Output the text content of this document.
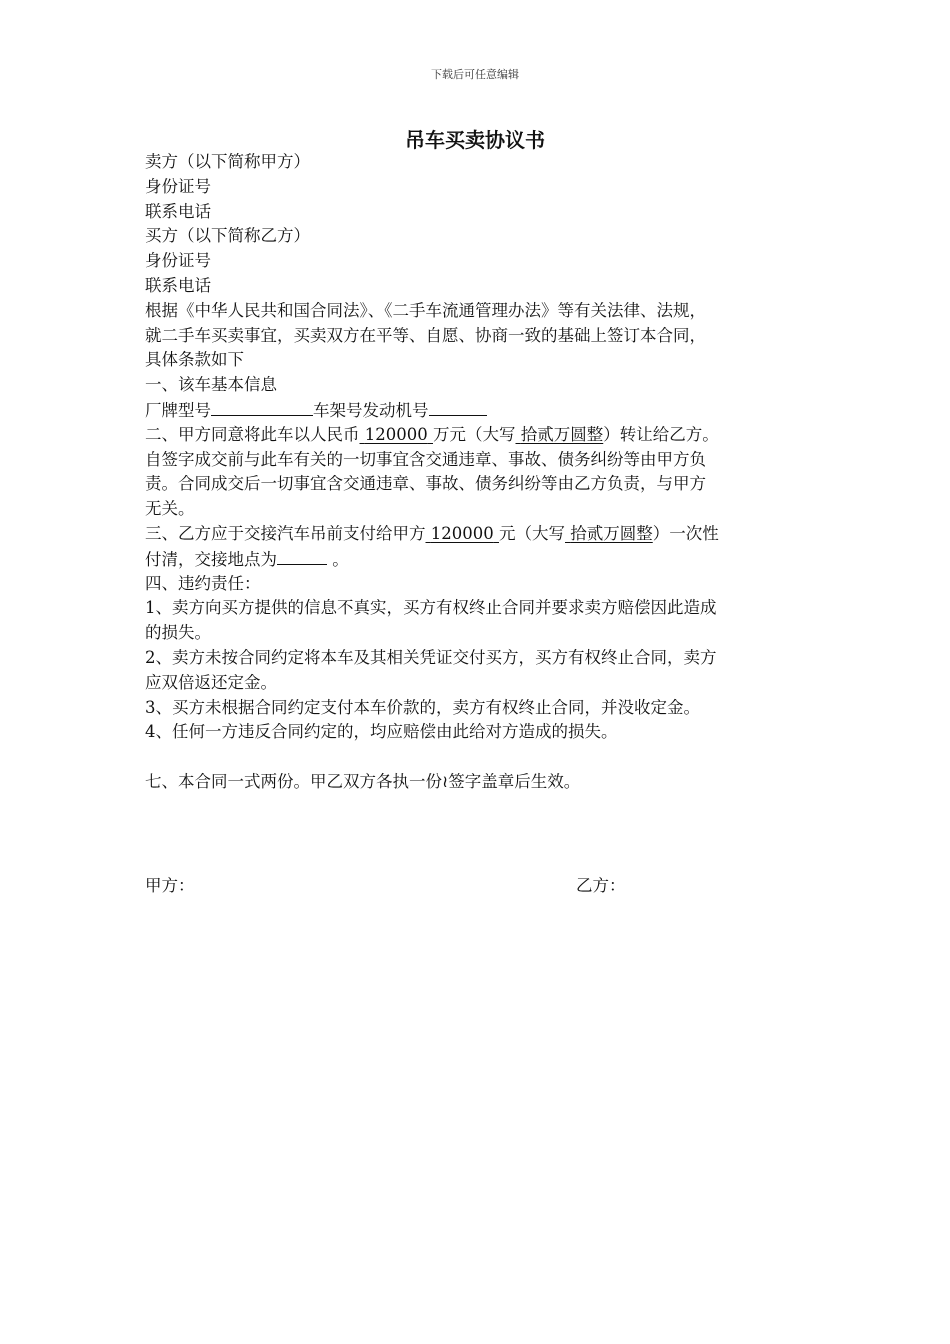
下载后可任意编辑
吊车买卖协议书
卖方（以下简称甲方）
身份证号
联系电话
买方（以下简称乙方）
身份证号
联系电话
根据《中华人民共和国合同法》、《二手车流通管理办法》等有关法律、法规，
就二手车买卖事宜，买卖双方在平等、自愿、协商一致的基础上签订本合同，
具体条款如下
一、该车基本信息
厂牌型号	车架号发动机号
二、甲方同意将此车以人民币 120000 万元（大写 拾贰万圆整）转让给乙方。
自签字成交前与此车有关的一切事宜含交通违章、事故、债务纠纷等由甲方负
责。合同成交后一切事宜含交通违章、事故、债务纠纷等由乙方负责，与甲方
无关。
三、乙方应于交接汽车吊前支付给甲方 120000 元（大写 拾贰万圆整）一次性
付清，交接地点为	。
四、违约责任：
1、卖方向买方提供的信息不真实，买方有权终止合同并要求卖方赔偿因此造成
的损失。
2、卖方未按合同约定将本车及其相关凭证交付买方，买方有权终止合同，卖方
应双倍返还定金。
3、买方未根据合同约定支付本车价款的，卖方有权终止合同，并没收定金。
4、任何一方违反合同约定的，均应赔偿由此给对方造成的损失。
七、本合同一式两份。甲乙双方各执一份≀签字盖章后生效。
甲方：	乙方：
